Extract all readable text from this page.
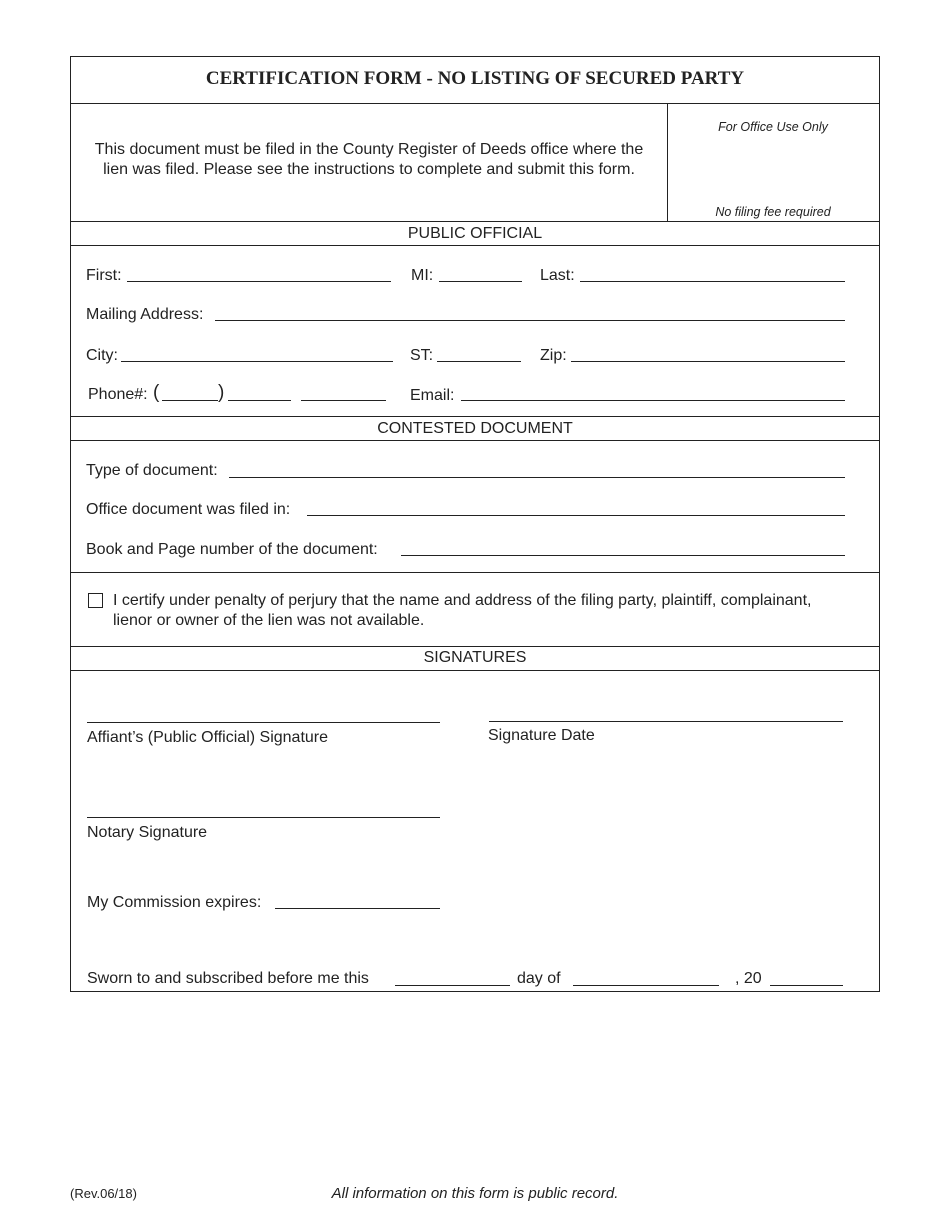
CERTIFICATION FORM - NO LISTING OF SECURED PARTY
This document must be filed in the County Register of Deeds office where the
lien was filed. Please see the instructions to complete and submit this form.
For Office Use Only
No filing fee required
PUBLIC OFFICIAL
First:	MI:	Last:
Mailing Address:
City:	ST:	Zip:
Phone#: (	)	Email:
CONTESTED DOCUMENT
Type of document:
Office document was filed in:
Book and Page number of the document:
I certify under penalty of perjury that the name and address of the filing party, plaintiff, complainant,
lienor or owner of the lien was not available.
SIGNATURES
Affiant’s (Public Official) Signature	Signature Date
Notary Signature
My Commission expires:
Sworn to and subscribed before me this	day of	, 20
(Rev.06/18)	All information on this form is public record.
